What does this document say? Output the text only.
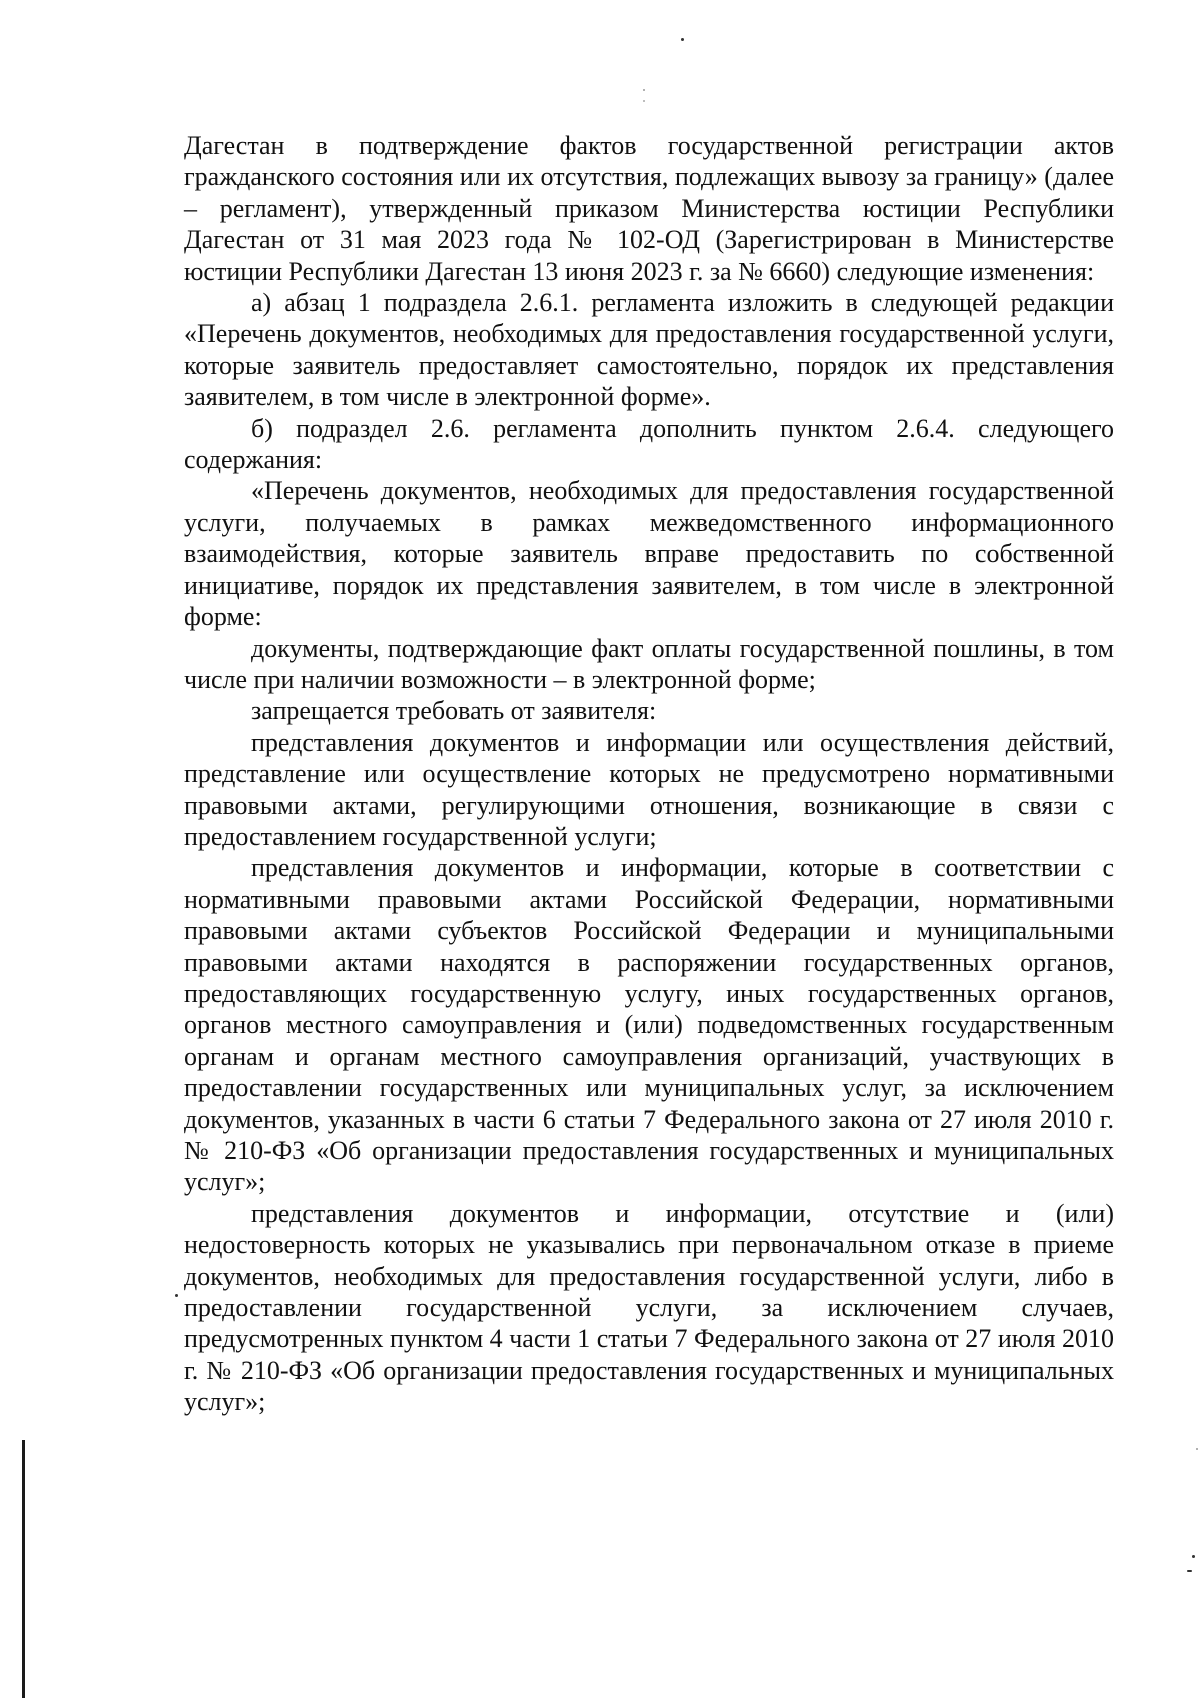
Дагестан в подтверждение фактов государственной регистрации актов гражданского состояния или их отсутствия, подлежащих вывозу за границу» (далее – регламент), утвержденный приказом Министерства юстиции Республики Дагестан от 31 мая 2023 года № 102-ОД (Зарегистрирован в Министерстве юстиции Республики Дагестан 13 июня 2023 г. за № 6660) следующие изменения:

а) абзац 1 подраздела 2.6.1. регламента изложить в следующей редакции «Перечень документов, необходимых для предоставления государственной услуги, которые заявитель предоставляет самостоятельно, порядок их представления заявителем, в том числе в электронной форме».

б) подраздел 2.6. регламента дополнить пунктом 2.6.4. следующего содержания:

«Перечень документов, необходимых для предоставления государственной услуги, получаемых в рамках межведомственного информационного взаимодействия, которые заявитель вправе предоставить по собственной инициативе, порядок их представления заявителем, в том числе в электронной форме:

документы, подтверждающие факт оплаты государственной пошлины, в том числе при наличии возможности – в электронной форме;

запрещается требовать от заявителя:

представления документов и информации или осуществления действий, представление или осуществление которых не предусмотрено нормативными правовыми актами, регулирующими отношения, возникающие в связи с предоставлением государственной услуги;

представления документов и информации, которые в соответствии с нормативными правовыми актами Российской Федерации, нормативными правовыми актами субъектов Российской Федерации и муниципальными правовыми актами находятся в распоряжении государственных органов, предоставляющих государственную услугу, иных государственных органов, органов местного самоуправления и (или) подведомственных государственным органам и органам местного самоуправления организаций, участвующих в предоставлении государственных или муниципальных услуг, за исключением документов, указанных в части 6 статьи 7 Федерального закона от 27 июля 2010 г. № 210-ФЗ «Об организации предоставления государственных и муниципальных услуг»;

представления документов и информации, отсутствие и (или) недостоверность которых не указывались при первоначальном отказе в приеме документов, необходимых для предоставления государственной услуги, либо в предоставлении государственной услуги, за исключением случаев, предусмотренных пунктом 4 части 1 статьи 7 Федерального закона от 27 июля 2010 г. № 210-ФЗ «Об организации предоставления государственных и муниципальных услуг»;
